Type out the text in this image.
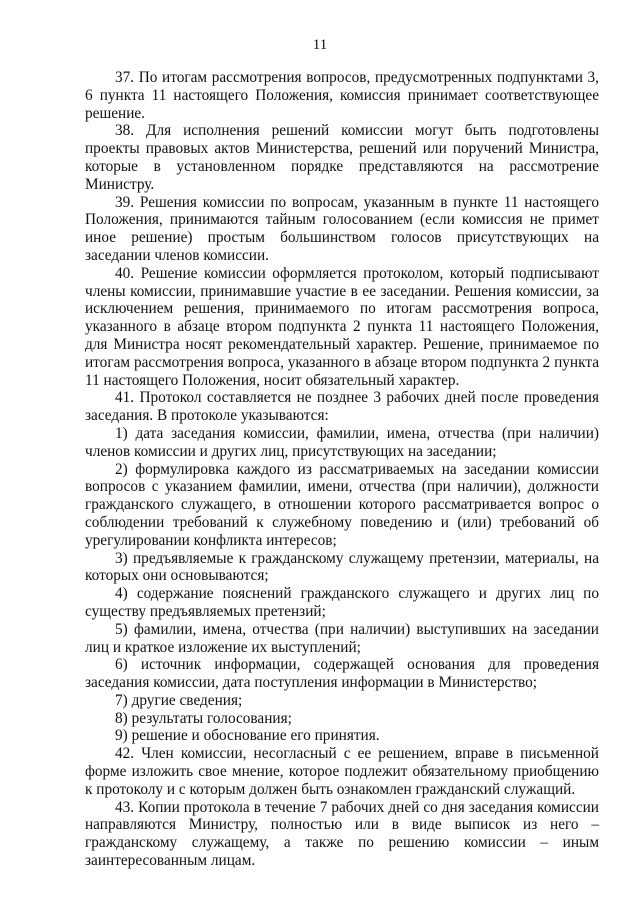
11

37. По итогам рассмотрения вопросов, предусмотренных подпунктами 3, 6 пункта 11 настоящего Положения, комиссия принимает соответствующее решение.

38. Для исполнения решений комиссии могут быть подготовлены проекты правовых актов Министерства, решений или поручений Министра, которые в установленном порядке представляются на рассмотрение Министру.

39. Решения комиссии по вопросам, указанным в пункте 11 настоящего Положения, принимаются тайным голосованием (если комиссия не примет иное решение) простым большинством голосов присутствующих на заседании членов комиссии.

40. Решение комиссии оформляется протоколом, который подписывают члены комиссии, принимавшие участие в ее заседании. Решения комиссии, за исключением решения, принимаемого по итогам рассмотрения вопроса, указанного в абзаце втором подпункта 2 пункта 11 настоящего Положения, для Министра носят рекомендательный характер. Решение, принимаемое по итогам рассмотрения вопроса, указанного в абзаце втором подпункта 2 пункта 11 настоящего Положения, носит обязательный характер.

41. Протокол составляется не позднее 3 рабочих дней после проведения заседания. В протоколе указываются:

1) дата заседания комиссии, фамилии, имена, отчества (при наличии) членов комиссии и других лиц, присутствующих на заседании;

2) формулировка каждого из рассматриваемых на заседании комиссии вопросов с указанием фамилии, имени, отчества (при наличии), должности гражданского служащего, в отношении которого рассматривается вопрос о соблюдении требований к служебному поведению и (или) требований об урегулировании конфликта интересов;

3) предъявляемые к гражданскому служащему претензии, материалы, на которых они основываются;

4) содержание пояснений гражданского служащего и других лиц по существу предъявляемых претензий;

5) фамилии, имена, отчества (при наличии) выступивших на заседании лиц и краткое изложение их выступлений;

6) источник информации, содержащей основания для проведения заседания комиссии, дата поступления информации в Министерство;

7) другие сведения;

8) результаты голосования;

9) решение и обоснование его принятия.

42. Член комиссии, несогласный с ее решением, вправе в письменной форме изложить свое мнение, которое подлежит обязательному приобщению к протоколу и с которым должен быть ознакомлен гражданский служащий.

43. Копии протокола в течение 7 рабочих дней со дня заседания комиссии направляются Министру, полностью или в виде выписок из него – гражданскому служащему, а также по решению комиссии – иным заинтересованным лицам.
